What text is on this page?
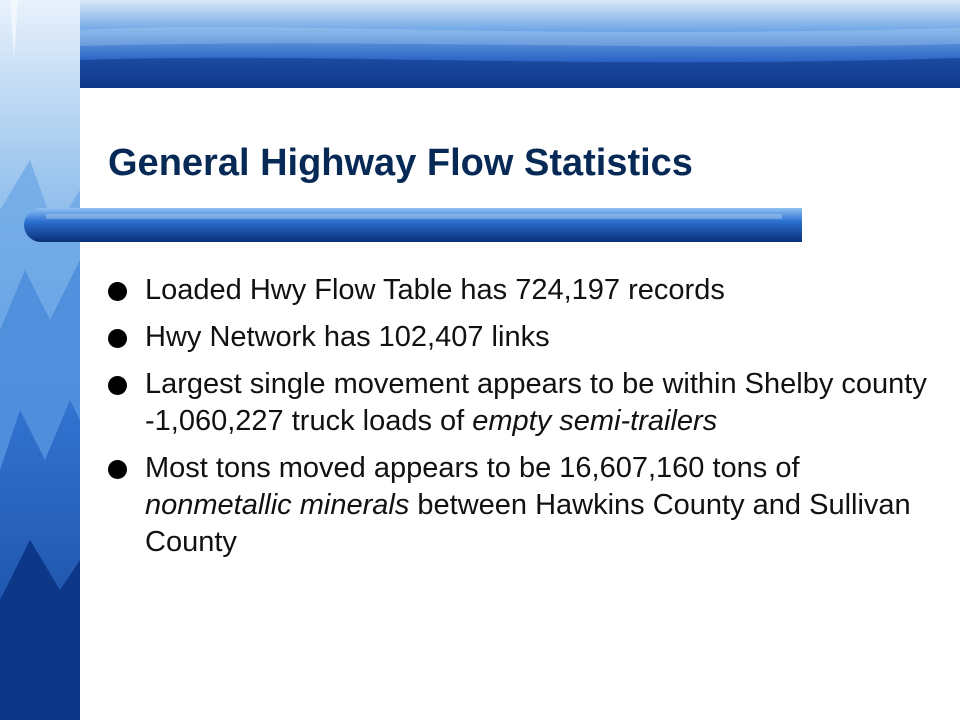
General Highway Flow Statistics
Loaded Hwy Flow Table has 724,197 records
Hwy Network has 102,407 links
Largest single movement appears to be within Shelby county -1,060,227 truck loads of empty semi-trailers
Most tons moved appears to be 16,607,160 tons of nonmetallic minerals between Hawkins County and Sullivan County
